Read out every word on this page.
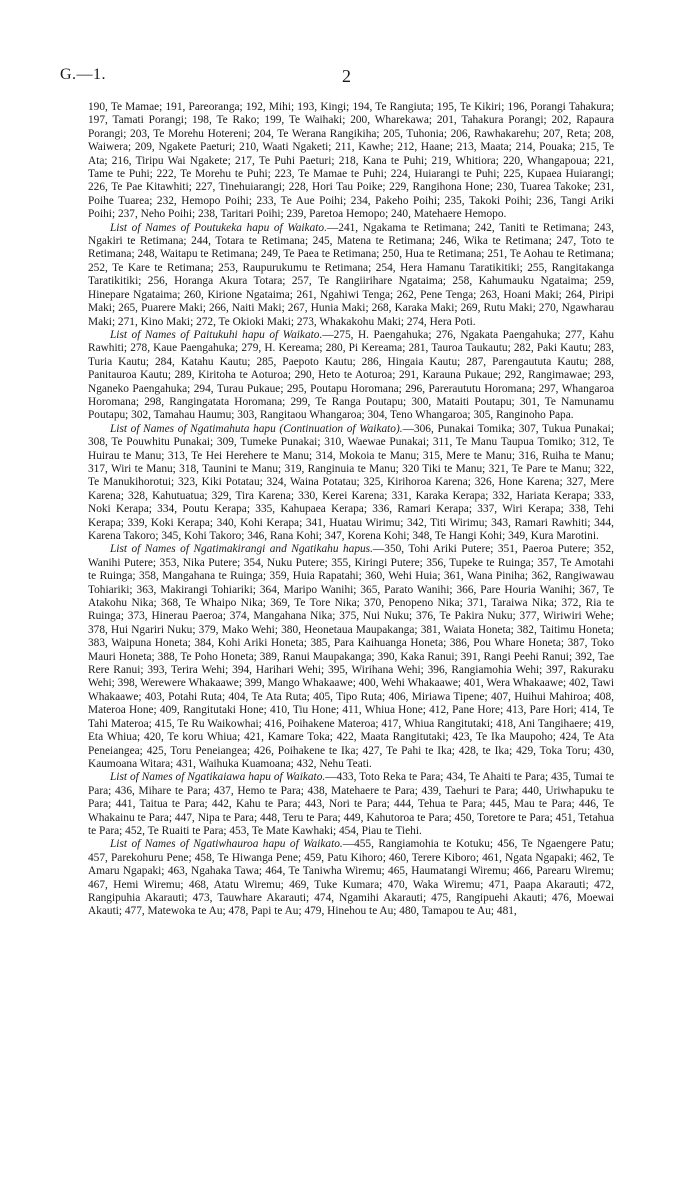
G.—1.	2

190, Te Mamae; 191, Pareoranga; 192, Mihi; 193, Kingi; 194, Te Rangiuta; 195, Te Kikiri; 196, Porangi Tahakura; 197, Tamati Porangi; 198, Te Rako; 199, Te Waihaki; 200, Wharekawa; 201, Tahakura Porangi; 202, Rapaura Porangi; 203, Te Morehu Hotereni; 204, Te Werana Rangikiha; 205, Tuhonia; 206, Rawhakarehu; 207, Reta; 208, Waiwera; 209, Ngakete Paeturi; 210, Waati Ngaketi; 211, Kawhe; 212, Haane; 213, Maata; 214, Pouaka; 215, Te Ata; 216, Tiripu Wai Ngakete; 217, Te Puhi Paeturi; 218, Kana te Puhi; 219, Whitiora; 220, Whangapoua; 221, Tame te Puhi; 222, Te Morehu te Puhi; 223, Te Mamae te Puhi; 224, Huiarangi te Puhi; 225, Kupaea Huiarangi; 226, Te Pae Kitawhiti; 227, Tinehuiarangi; 228, Hori Tau Poike; 229, Rangihona Hone; 230, Tuarea Takoke; 231, Poihe Tuarea; 232, Hemopo Poihi; 233, Te Aue Poihi; 234, Pakeho Poihi; 235, Takoki Poihi; 236, Tangi Ariki Poihi; 237, Neho Poihi; 238, Taritari Poihi; 239, Paretoa Hemopo; 240, Matehaere Hemopo.

List of Names of Poutukeka hapu of Waikato.—241, Ngakama te Retimana; 242, Taniti te Retimana; 243, Ngakiri te Retimana; 244, Totara te Retimana; 245, Matena te Retimana; 246, Wika te Retimana; 247, Toto te Retimana; 248, Waitapu te Retimana; 249, Te Paea te Retimana; 250, Hua te Retimana; 251, Te Aohau te Retimana; 252, Te Kare te Retimana; 253, Raupurukumu te Retimana; 254, Hera Hamanu Taratikitiki; 255, Rangitakanga Taratikitiki; 256, Horanga Akura Totara; 257, Te Rangiirihare Ngataima; 258, Kahumauku Ngataima; 259, Hinepare Ngataima; 260, Kirione Ngataima; 261, Ngahiwi Tenga; 262, Pene Tenga; 263, Hoani Maki; 264, Piripi Maki; 265, Puarere Maki; 266, Naiti Maki; 267, Hunia Maki; 268, Karaka Maki; 269, Rutu Maki; 270, Ngawharau Maki; 271, Kino Maki; 272, Te Okioki Maki; 273, Whakakohu Maki; 274, Hera Poti.

List of Names of Paitukuhi hapu of Waikato.—275, H. Paengahuka; 276, Ngakata Paengahuka; 277, Kahu Rawhiti; 278, Kaue Paengahuka; 279, H. Kereama; 280, Pi Kereama; 281, Tauroa Taukautu; 282, Paki Kautu; 283, Turia Kautu; 284, Katahu Kautu; 285, Paepoto Kautu; 286, Hingaia Kautu; 287, Parengaututa Kautu; 288, Panitauroa Kautu; 289, Kiritoha te Aoturoa; 290, Heto te Aoturoa; 291, Karauna Pukaue; 292, Rangimawae; 293, Nganeko Paengahuka; 294, Turau Pukaue; 295, Poutapu Horomana; 296, Pareraututu Horomana; 297, Whangaroa Horomana; 298, Rangingatata Horomana; 299, Te Ranga Poutapu; 300, Mataiti Poutapu; 301, Te Namunamu Poutapu; 302, Tamahau Haumu; 303, Rangitaou Whangaroa; 304, Teno Whangaroa; 305, Ranginoho Papa.

List of Names of Ngatimahuta hapu (Continuation of Waikato).—306, Punakai Tomika; 307, Tukua Punakai; 308, Te Pouwhitu Punakai; 309, Tumeke Punakai; 310, Waewae Punakai; 311, Te Manu Taupua Tomiko; 312, Te Huirau te Manu; 313, Te Hei Herehere te Manu; 314, Mokoia te Manu; 315, Mere te Manu; 316, Ruiha te Manu; 317, Wiri te Manu; 318, Taunini te Manu; 319, Ranginuia te Manu; 320 Tiki te Manu; 321, Te Pare te Manu; 322, Te Manukihorotui; 323, Kiki Potatau; 324, Waina Potatau; 325, Kirihoroa Karena; 326, Hone Karena; 327, Mere Karena; 328, Kahutuatua; 329, Tira Karena; 330, Kerei Karena; 331, Karaka Kerapa; 332, Hariata Kerapa; 333, Noki Kerapa; 334, Poutu Kerapa; 335, Kahupaea Kerapa; 336, Ramari Kerapa; 337, Wiri Kerapa; 338, Tehi Kerapa; 339, Koki Kerapa; 340, Kohi Kerapa; 341, Huatau Wirimu; 342, Titi Wirimu; 343, Ramari Rawhiti; 344, Karena Takoro; 345, Kohi Takoro; 346, Rana Kohi; 347, Korena Kohi; 348, Te Hangi Kohi; 349, Kura Marotini.

List of Names of Ngatimakirangi and Ngatikahu hapus.—350, Tohi Ariki Putere; 351, Paeroa Putere; 352, Wanihi Putere; 353, Nika Putere; 354, Nuku Putere; 355, Kiringi Putere; 356, Tupeke te Ruinga; 357, Te Amotahi te Ruinga; 358, Mangahana te Ruinga; 359, Huia Rapatahi; 360, Wehi Huia; 361, Wana Piniha; 362, Rangiwawau Tohiariki; 363, Makirangi Tohiariki; 364, Maripo Wanihi; 365, Parato Wanihi; 366, Pare Houria Wanihi; 367, Te Atakohu Nika; 368, Te Whaipo Nika; 369, Te Tore Nika; 370, Penopeno Nika; 371, Taraiwa Nika; 372, Ria te Ruinga; 373, Hinerau Paeroa; 374, Mangahana Nika; 375, Nui Nuku; 376, Te Pakira Nuku; 377, Wiriwiri Wehe; 378, Hui Ngariri Nuku; 379, Mako Wehi; 380, Heonetaua Maupakanga; 381, Waiata Honeta; 382, Taitimu Honeta; 383, Waipuna Honeta; 384, Kohi Ariki Honeta; 385, Para Kaihuanga Honeta; 386, Pou Whare Honeta; 387, Toko Mauri Honeta; 388, Te Poho Honeta; 389, Ranui Maupakanga; 390, Kaka Ranui; 391, Rangi Peehi Ranui; 392, Tae Rere Ranui; 393, Terira Wehi; 394, Harihari Wehi; 395, Wirihana Wehi; 396, Rangiamohia Wehi; 397, Rakuraku Wehi; 398, Werewere Whakaawe; 399, Mango Whakaawe; 400, Wehi Whakaawe; 401, Wera Whakaawe; 402, Tawi Whakaawe; 403, Potahi Ruta; 404, Te Ata Ruta; 405, Tipo Ruta; 406, Miriawa Tipene; 407, Huihui Mahiroa; 408, Materoa Hone; 409, Rangitutaki Hone; 410, Tiu Hone; 411, Whiua Hone; 412, Pane Hore; 413, Pare Hori; 414, Te Tahi Materoa; 415, Te Ru Waikowhai; 416, Poihakene Materoa; 417, Whiua Rangitutaki; 418, Ani Tangihaere; 419, Eta Whiua; 420, Te koru Whiua; 421, Kamare Toka; 422, Maata Rangitutaki; 423, Te Ika Maupoho; 424, Te Ata Peneiangea; 425, Toru Peneiangea; 426, Poihakene te Ika; 427, Te Pahi te Ika; 428, te Ika; 429, Toka Toru; 430, Kaumoana Witara; 431, Waihuka Kuamoana; 432, Nehu Teati.

List of Names of Ngatikaiawa hapu of Waikato.—433, Toto Reka te Para; 434, Te Ahaiti te Para; 435, Tumai te Para; 436, Mihare te Para; 437, Hemo te Para; 438, Matehaere te Para; 439, Taehuri te Para; 440, Uriwhapuku te Para; 441, Taitua te Para; 442, Kahu te Para; 443, Nori te Para; 444, Tehua te Para; 445, Mau te Para; 446, Te Whakainu te Para; 447, Nipa te Para; 448, Teru te Para; 449, Kahutoroa te Para; 450, Toretore te Para; 451, Tetahua te Para; 452, Te Ruaiti te Para; 453, Te Mate Kawhaki; 454, Piau te Tiehi.

List of Names of Ngatiwhauroa hapu of Waikato.—455, Rangiamohia te Kotuku; 456, Te Ngaengere Patu; 457, Parekohuru Pene; 458, Te Hiwanga Pene; 459, Patu Kihoro; 460, Terere Kiboro; 461, Ngata Ngapaki; 462, Te Amaru Ngapaki; 463, Ngahaka Tawa; 464, Te Taniwha Wiremu; 465, Haumatangi Wiremu; 466, Parearu Wiremu; 467, Hemi Wiremu; 468, Atatu Wiremu; 469, Tuke Kumara; 470, Waka Wiremu; 471, Paapa Akarauti; 472, Rangipuhia Akarauti; 473, Tauwhare Akarauti; 474, Ngamihi Akarauti; 475, Rangipuehi Akauti; 476, Moewai Akauti; 477, Matewoka te Au; 478, Papi te Au; 479, Hinehou te Au; 480, Tamapou te Au; 481,
